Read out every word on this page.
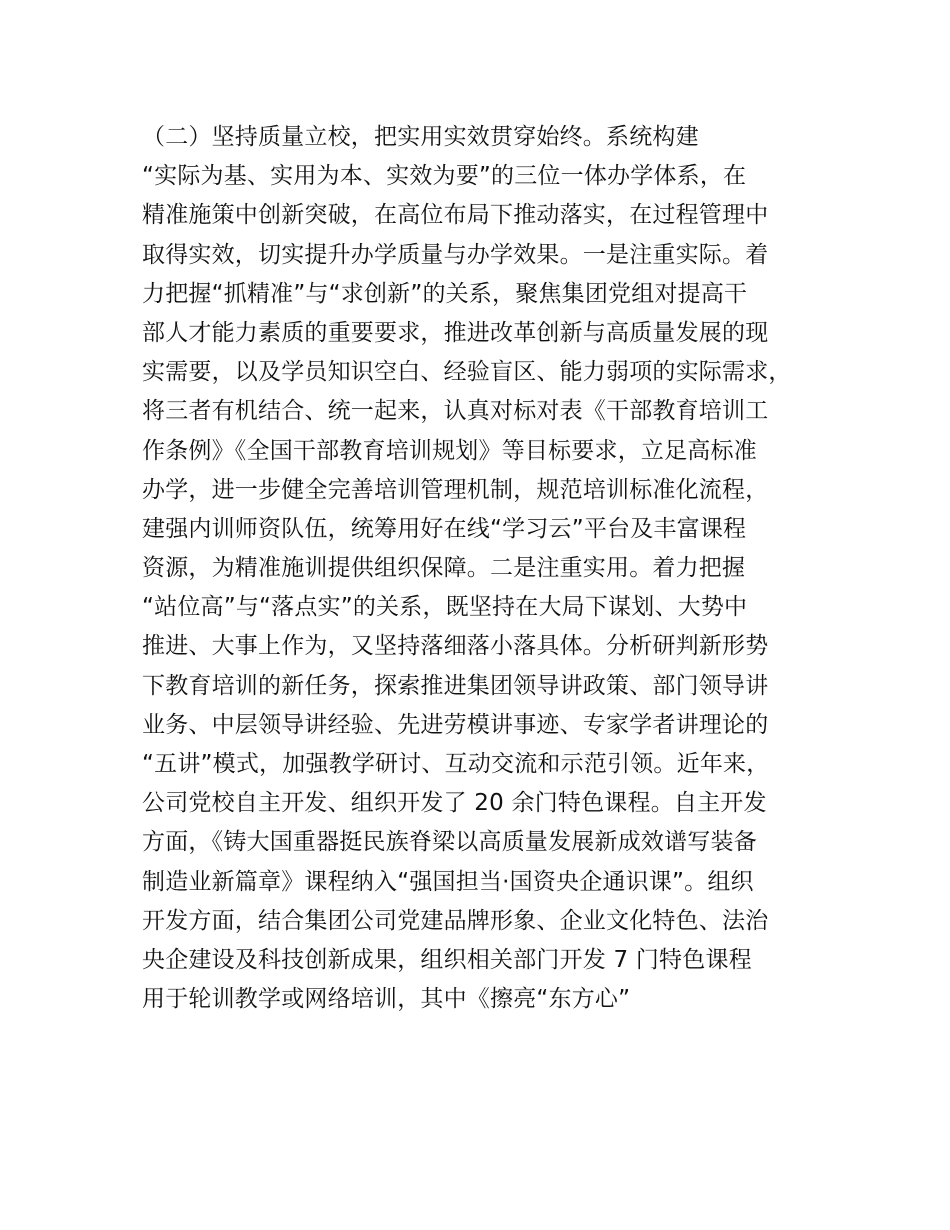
（二）坚持质量立校，把实用实效贯穿始终。系统构建
“实际为基、实用为本、实效为要”的三位一体办学体系，在
精准施策中创新突破，在高位布局下推动落实，在过程管理中
取得实效，切实提升办学质量与办学效果。一是注重实际。着
力把握“抓精准”与“求创新”的关系，聚焦集团党组对提高干
部人才能力素质的重要要求，推进改革创新与高质量发展的现
实需要，以及学员知识空白、经验盲区、能力弱项的实际需求，
将三者有机结合、统一起来，认真对标对表《干部教育培训工
作条例》《全国干部教育培训规划》等目标要求，立足高标准
办学，进一步健全完善培训管理机制，规范培训标准化流程，
建强内训师资队伍，统筹用好在线“学习云”平台及丰富课程
资源，为精准施训提供组织保障。二是注重实用。着力把握
“站位高”与“落点实”的关系，既坚持在大局下谋划、大势中
推进、大事上作为，又坚持落细落小落具体。分析研判新形势
下教育培训的新任务，探索推进集团领导讲政策、部门领导讲
业务、中层领导讲经验、先进劳模讲事迹、专家学者讲理论的
“五讲”模式，加强教学研讨、互动交流和示范引领。近年来，
公司党校自主开发、组织开发了 20 余门特色课程。自主开发
方面，《铸大国重器挺民族脊梁以高质量发展新成效谱写装备
制造业新篇章》课程纳入“强国担当·国资央企通识课”。组织
开发方面，结合集团公司党建品牌形象、企业文化特色、法治
央企建设及科技创新成果，组织相关部门开发 7 门特色课程
用于轮训教学或网络培训，其中《擦亮“东方心”
